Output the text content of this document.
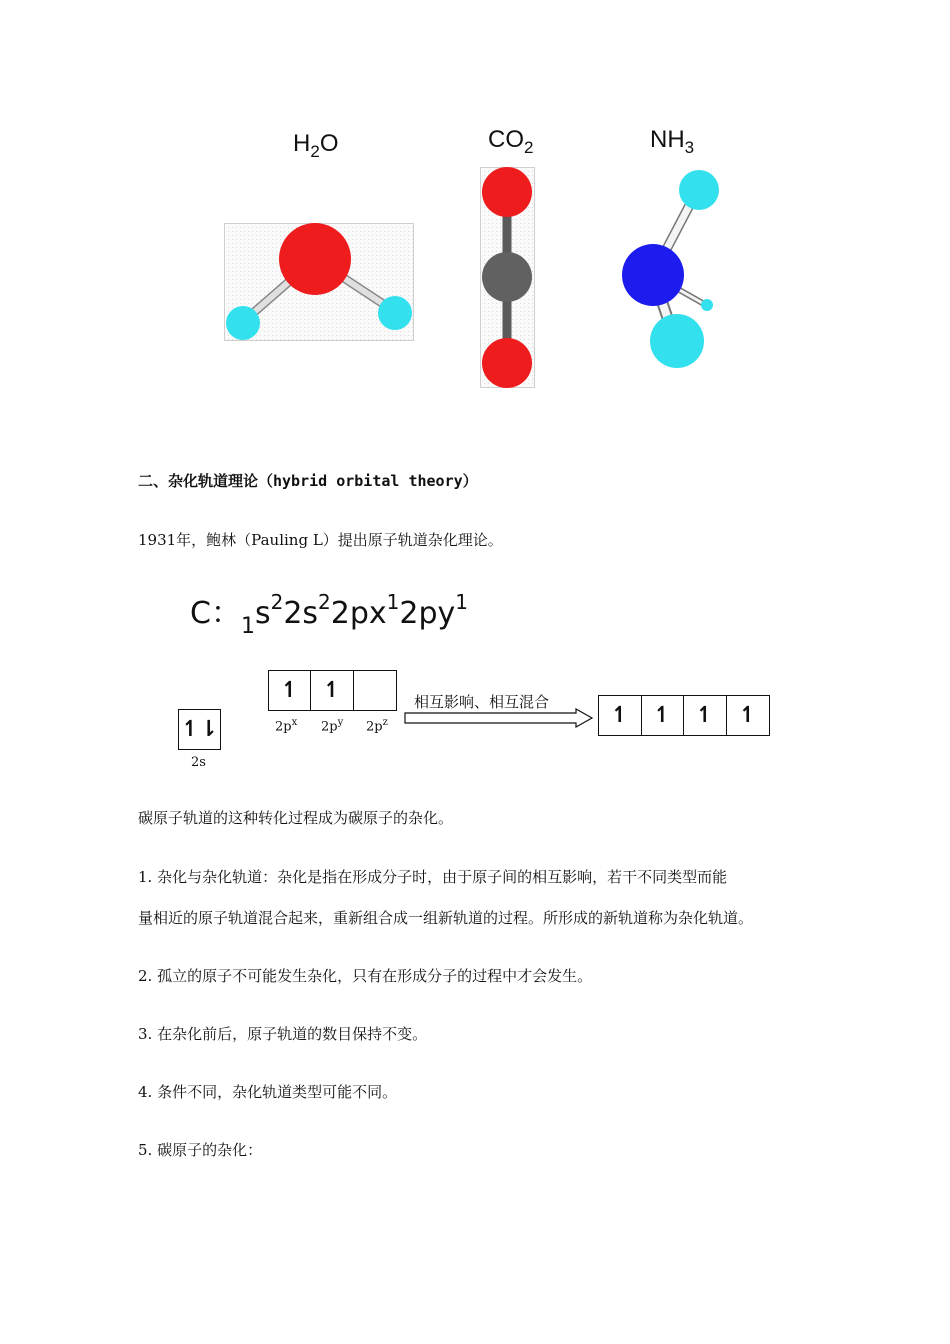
$H_2O$	$CO_2$	$NH_3$
二、杂化轨道理论（hybrid orbital theory）
1931年，鲍林（Pauling L）提出原子轨道杂化理论。
C：$_1s^22s^22px^12py^1$
↿⇂
2s
↿	↿
$2p^x$ $2p^y$ $2p^z$
相互影响、相互混合
↿	↿	↿	↿
碳原子轨道的这种转化过程成为碳原子的杂化。
1. 杂化与杂化轨道：杂化是指在形成分子时，由于原子间的相互影响，若干不同类型而能
量相近的原子轨道混合起来，重新组合成一组新轨道的过程。所形成的新轨道称为杂化轨道。
2. 孤立的原子不可能发生杂化，只有在形成分子的过程中才会发生。
3. 在杂化前后，原子轨道的数目保持不变。
4. 条件不同，杂化轨道类型可能不同。
5. 碳原子的杂化：
